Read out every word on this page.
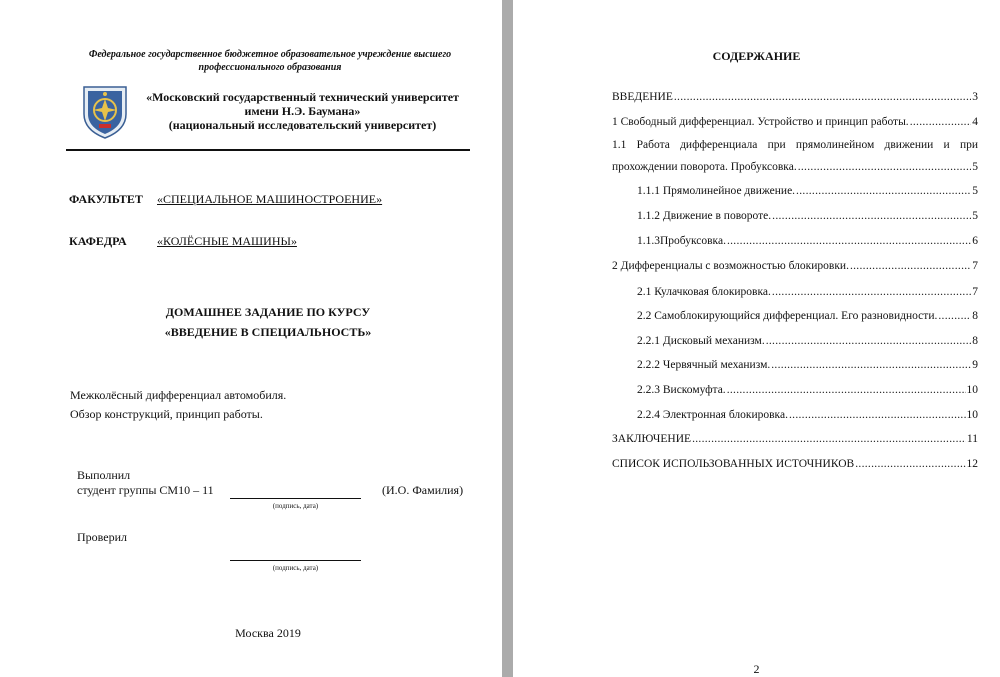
Федеральное государственное бюджетное образовательное учреждение высшего профессионального образования
«Московский государственный технический университет
имени Н.Э. Баумана»
(национальный исследовательский университет)
ФАКУЛЬТЕТ «СПЕЦИАЛЬНОЕ МАШИНОСТРОЕНИЕ»
КАФЕДРА	«КОЛЁСНЫЕ МАШИНЫ»
ДОМАШНЕЕ ЗАДАНИЕ ПО КУРСУ
«ВВЕДЕНИЕ В СПЕЦИАЛЬНОСТЬ»
Межколёсный дифференциал автомобиля.
Обзор конструкций, принцип работы.
Выполнил
студент группы СМ10 – 11	(И.О. Фамилия)
(подпись, дата)
Проверил
(подпись, дата)
Москва 2019
СОДЕРЖАНИЕ
ВВЕДЕНИЕ .....	3
1 Свободный дифференциал. Устройство и принцип работы. .....	4
1.1 Работа дифференциала при прямолинейном движении и при
прохождении поворота. Пробуксовка. .....	5
1.1.1 Прямолинейное движение. .....	5
1.1.2 Движение в повороте. .....	5
1.1.3Пробуксовка. .....	6
2 Дифференциалы с возможностью блокировки. .....	7
2.1 Кулачковая блокировка. .....	7
2.2 Самоблокирующийся дифференциал. Его разновидности. .....	8
2.2.1 Дисковый механизм. .....	8
2.2.2 Червячный механизм. .....	9
2.2.3 Вискомуфта. .....	10
2.2.4 Электронная блокировка. .....	10
ЗАКЛЮЧЕНИЕ .....	11
СПИСОК ИСПОЛЬЗОВАННЫХ ИСТОЧНИКОВ .....	12
2
